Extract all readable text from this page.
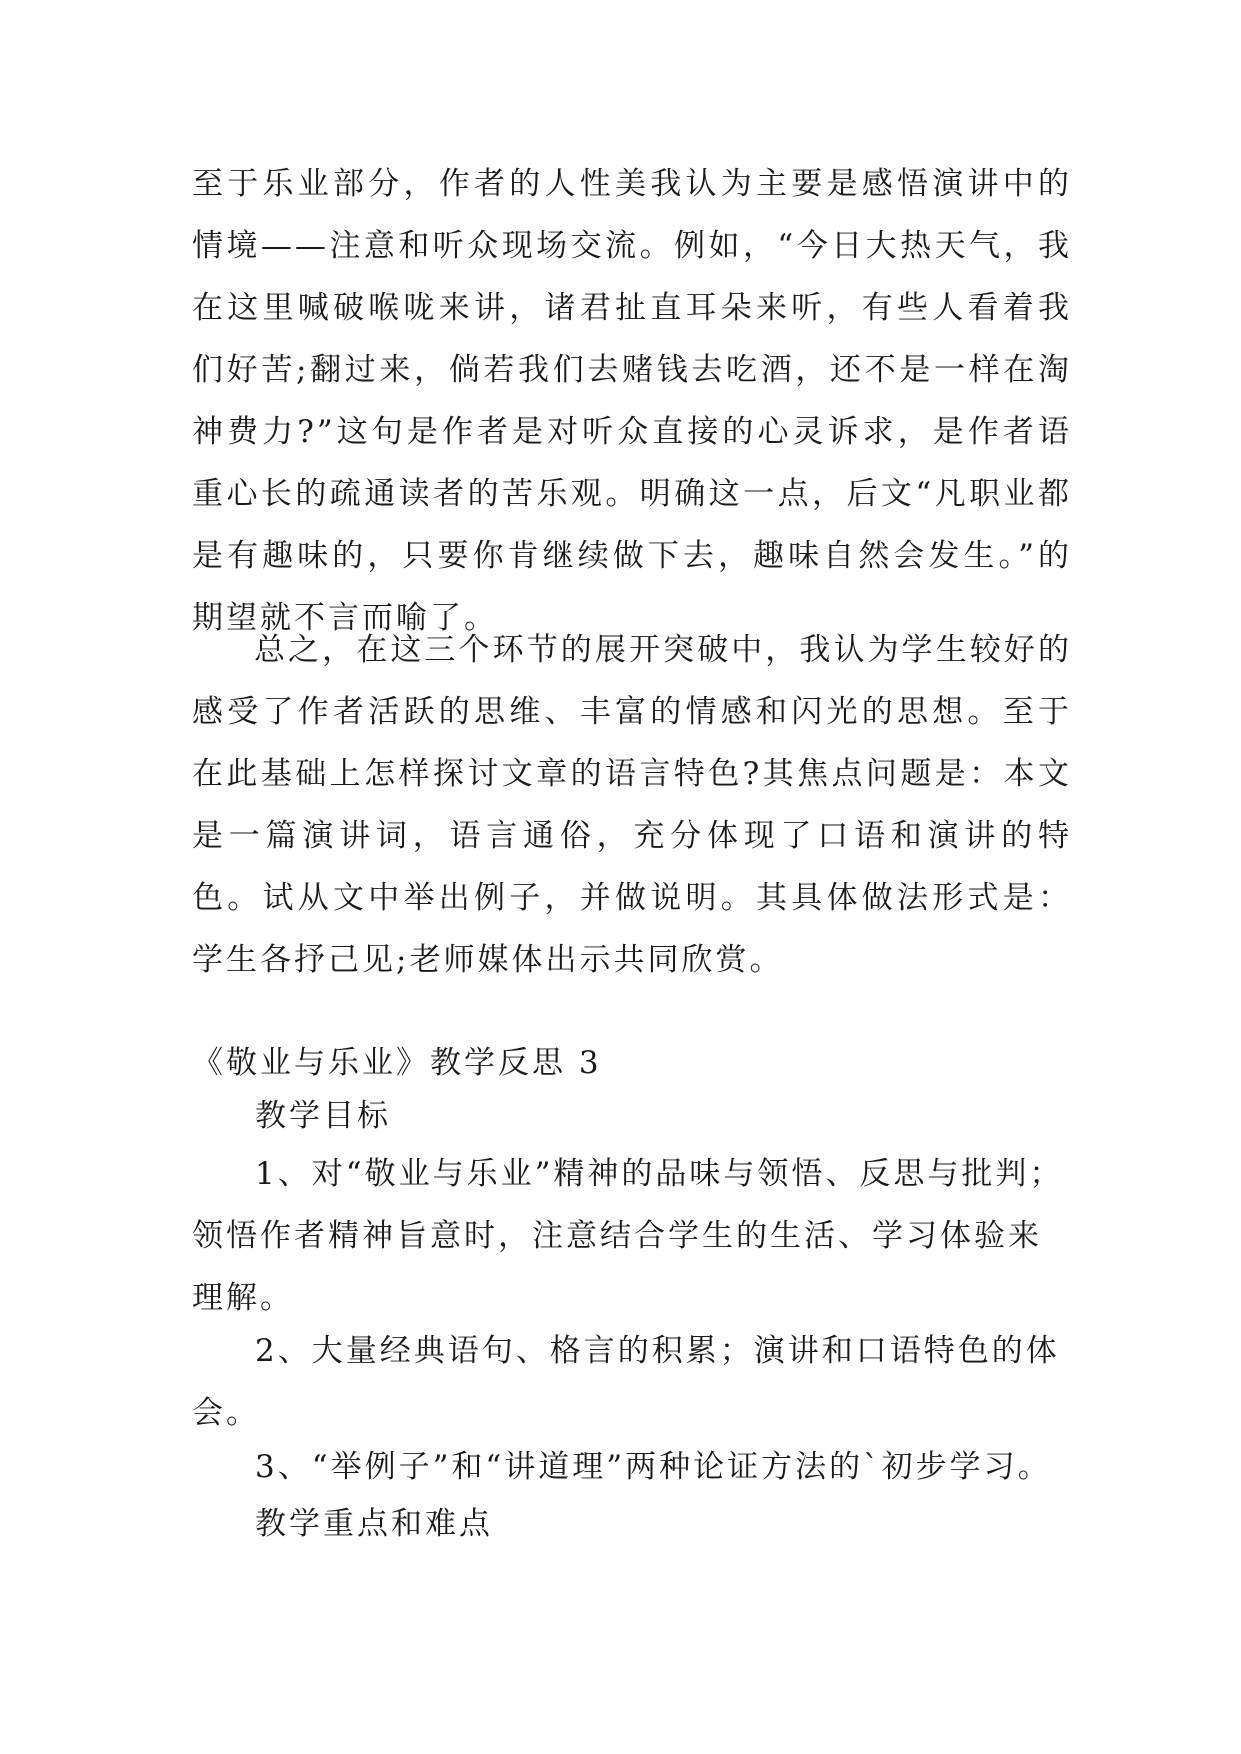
至于乐业部分，作者的人性美我认为主要是感悟演讲中的情境——注意和听众现场交流。例如，“今日大热天气，我在这里喊破喉咙来讲，诸君扯直耳朵来听，有些人看着我们好苦;翻过来，倘若我们去赌钱去吃酒，还不是一样在淘神费力?”这句是作者是对听众直接的心灵诉求，是作者语重心长的疏通读者的苦乐观。明确这一点，后文“凡职业都是有趣味的，只要你肯继续做下去，趣味自然会发生。”的期望就不言而喻了。

总之，在这三个环节的展开突破中，我认为学生较好的感受了作者活跃的思维、丰富的情感和闪光的思想。至于在此基础上怎样探讨文章的语言特色?其焦点问题是：本文是一篇演讲词，语言通俗，充分体现了口语和演讲的特色。试从文中举出例子，并做说明。其具体做法形式是：学生各抒己见;老师媒体出示共同欣赏。

《敬业与乐业》教学反思 3

教学目标

1、对“敬业与乐业”精神的品味与领悟、反思与批判；领悟作者精神旨意时，注意结合学生的生活、学习体验来理解。

2、大量经典语句、格言的积累；演讲和口语特色的体会。

3、“举例子”和“讲道理”两种论证方法的`初步学习。

教学重点和难点
